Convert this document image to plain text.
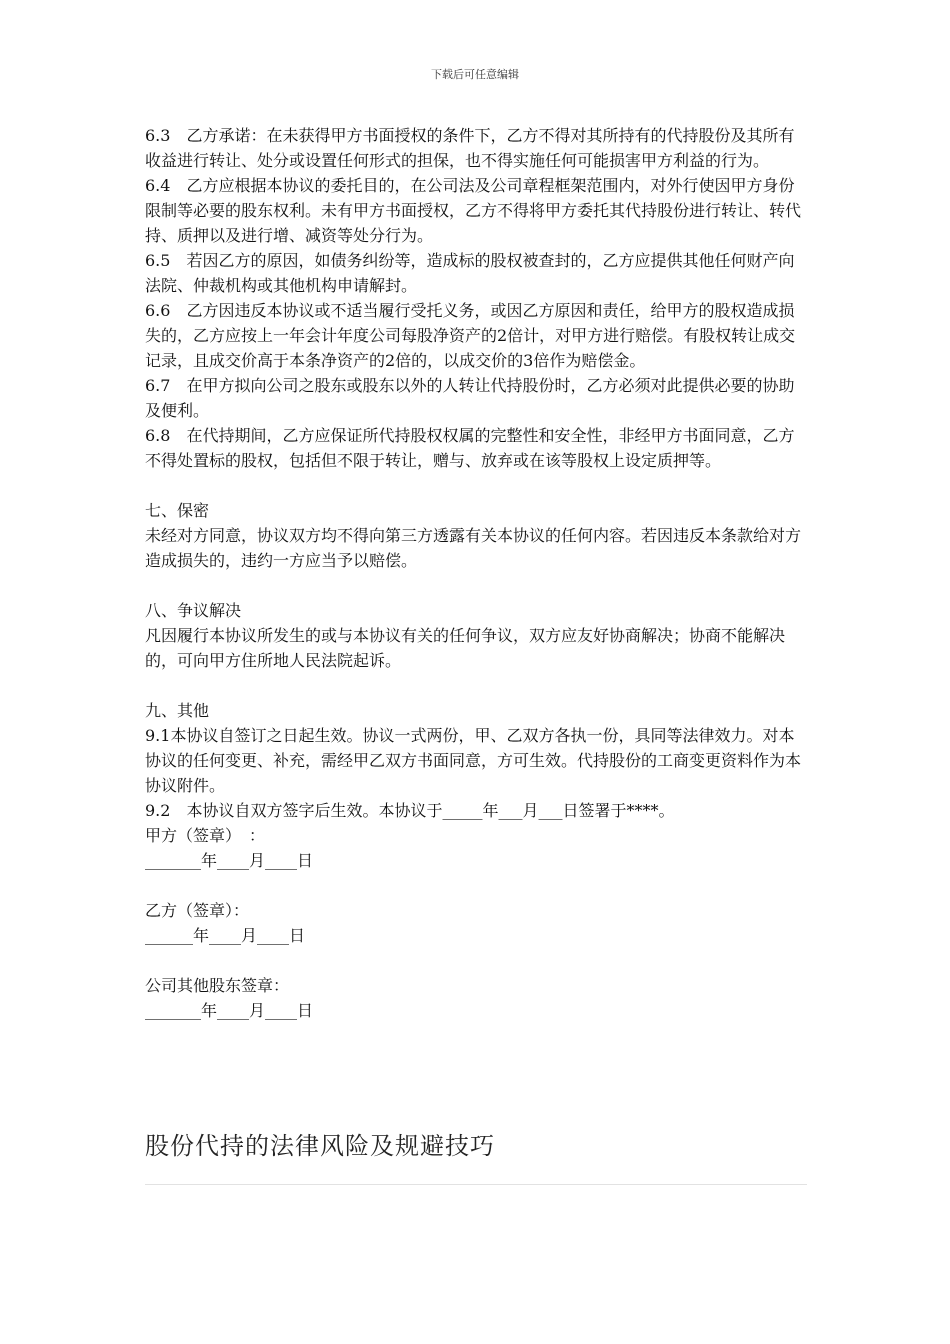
下载后可任意编辑

6.3　乙方承诺：在未获得甲方书面授权的条件下，乙方不得对其所持有的代持股份及其所有收益进行转让、处分或设置任何形式的担保，也不得实施任何可能损害甲方利益的行为。

6.4　乙方应根据本协议的委托目的，在公司法及公司章程框架范围内，对外行使因甲方身份限制等必要的股东权利。未有甲方书面授权，乙方不得将甲方委托其代持股份进行转让、转代持、质押以及进行增、减资等处分行为。

6.5　若因乙方的原因，如债务纠纷等，造成标的股权被查封的，乙方应提供其他任何财产向法院、仲裁机构或其他机构申请解封。

6.6　乙方因违反本协议或不适当履行受托义务，或因乙方原因和责任，给甲方的股权造成损失的，乙方应按上一年会计年度公司每股净资产的2倍计，对甲方进行赔偿。有股权转让成交记录，且成交价高于本条净资产的2倍的，以成交价的3倍作为赔偿金。

6.7　在甲方拟向公司之股东或股东以外的人转让代持股份时，乙方必须对此提供必要的协助及便利。

6.8　在代持期间，乙方应保证所代持股权权属的完整性和安全性，非经甲方书面同意，乙方不得处置标的股权，包括但不限于转让，赠与、放弃或在该等股权上设定质押等。

七、保密

未经对方同意，协议双方均不得向第三方透露有关本协议的任何内容。若因违反本条款给对方造成损失的，违约一方应当予以赔偿。

八、争议解决

凡因履行本协议所发生的或与本协议有关的任何争议，双方应友好协商解决；协商不能解决的，可向甲方住所地人民法院起诉。

九、其他

9.1本协议自签订之日起生效。协议一式两份，甲、乙双方各执一份，具同等法律效力。对本协议的任何变更、补充，需经甲乙双方书面同意，方可生效。代持股份的工商变更资料作为本协议附件。

9.2　本协议自双方签字后生效。本协议于_____年___月___日签署于****。

甲方（签章）　：

_______年____月____日

乙方（签章）：

______年____月____日

公司其他股东签章：

_______年____月____日

股份代持的法律风险及规避技巧
